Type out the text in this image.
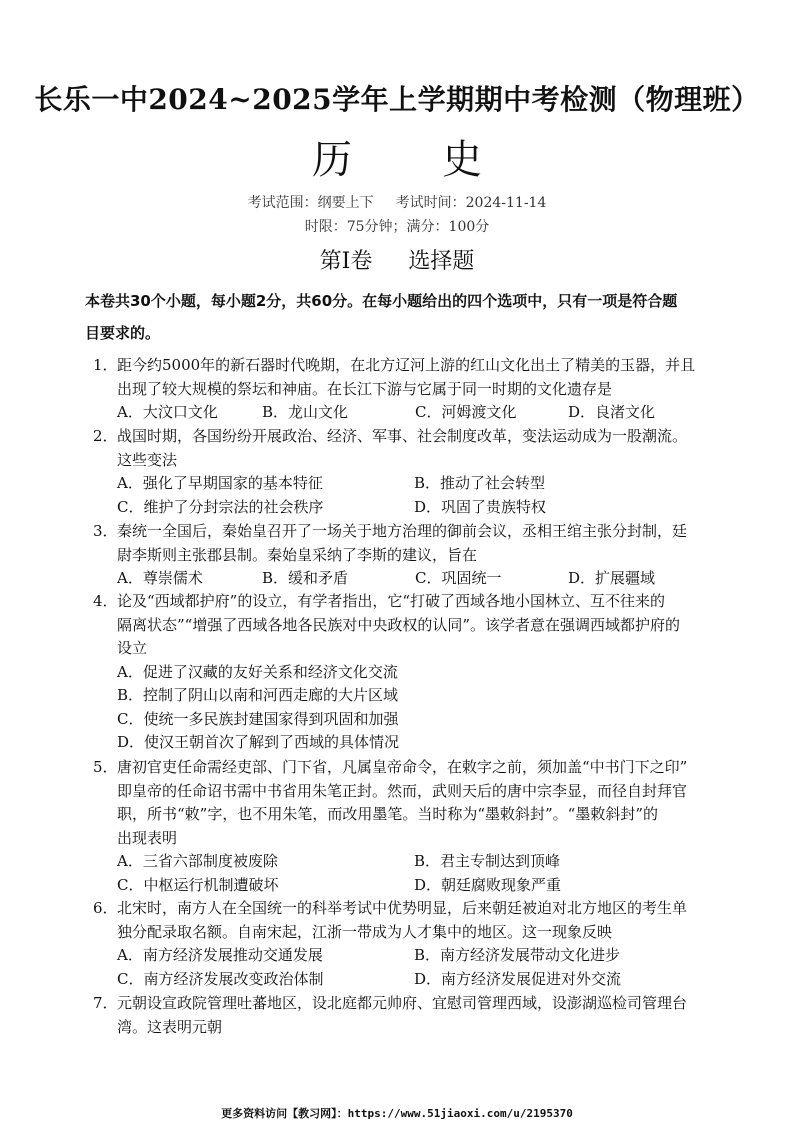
长乐一中2024~2025学年上学期期中考检测（物理班）
历 史
考试范围：纲要上下 考试时间：2024-11-14
时限：75分钟；满分：100分
第Ⅰ卷 选择题
本卷共30个小题，每小题2分，共60分。在每小题给出的四个选项中，只有一项是符合题
目要求的。
1．距今约5000年的新石器时代晚期，在北方辽河上游的红山文化出土了精美的玉器，并且
出现了较大规模的祭坛和神庙。在长江下游与它属于同一时期的文化遗存是
A．大汶口文化	B．龙山文化	C．河姆渡文化	D．良渚文化
2．战国时期，各国纷纷开展政治、经济、军事、社会制度改革，变法运动成为一股潮流。
这些变法
A．强化了早期国家的基本特征	B．推动了社会转型
C．维护了分封宗法的社会秩序	D．巩固了贵族特权
3．秦统一全国后，秦始皇召开了一场关于地方治理的御前会议，丞相王绾主张分封制，廷
尉李斯则主张郡县制。秦始皇采纳了李斯的建议，旨在
A．尊崇儒术	B．缓和矛盾	C．巩固统一	D．扩展疆域
4．论及“西域都护府”的设立，有学者指出，它“打破了西域各地小国林立、互不往来的
隔离状态”“增强了西域各地各民族对中央政权的认同”。该学者意在强调西域都护府的
设立
A．促进了汉藏的友好关系和经济文化交流
B．控制了阴山以南和河西走廊的大片区域
C．使统一多民族封建国家得到巩固和加强
D．使汉王朝首次了解到了西域的具体情况
5．唐初官吏任命需经吏部、门下省，凡属皇帝命令，在敕字之前，须加盖“中书门下之印”
即皇帝的任命诏书需中书省用朱笔正封。然而，武则天后的唐中宗李显，而径自封拜官
职，所书“敕”字，也不用朱笔，而改用墨笔。当时称为“墨敕斜封”。“墨敕斜封”的
出现表明
A．三省六部制度被废除	B．君主专制达到顶峰
C．中枢运行机制遭破坏	D．朝廷腐败现象严重
6．北宋时，南方人在全国统一的科举考试中优势明显，后来朝廷被迫对北方地区的考生单
独分配录取名额。自南宋起，江浙一带成为人才集中的地区。这一现象反映
A．南方经济发展推动交通发展	B．南方经济发展带动文化进步
C．南方经济发展改变政治体制	D．南方经济发展促进对外交流
7．元朝设宣政院管理吐蕃地区，设北庭都元帅府、宜慰司管理西域，设澎湖巡检司管理台
湾。这表明元朝
更多资料访问【教习网】：https://www.51jiaoxi.com/u/2195370
